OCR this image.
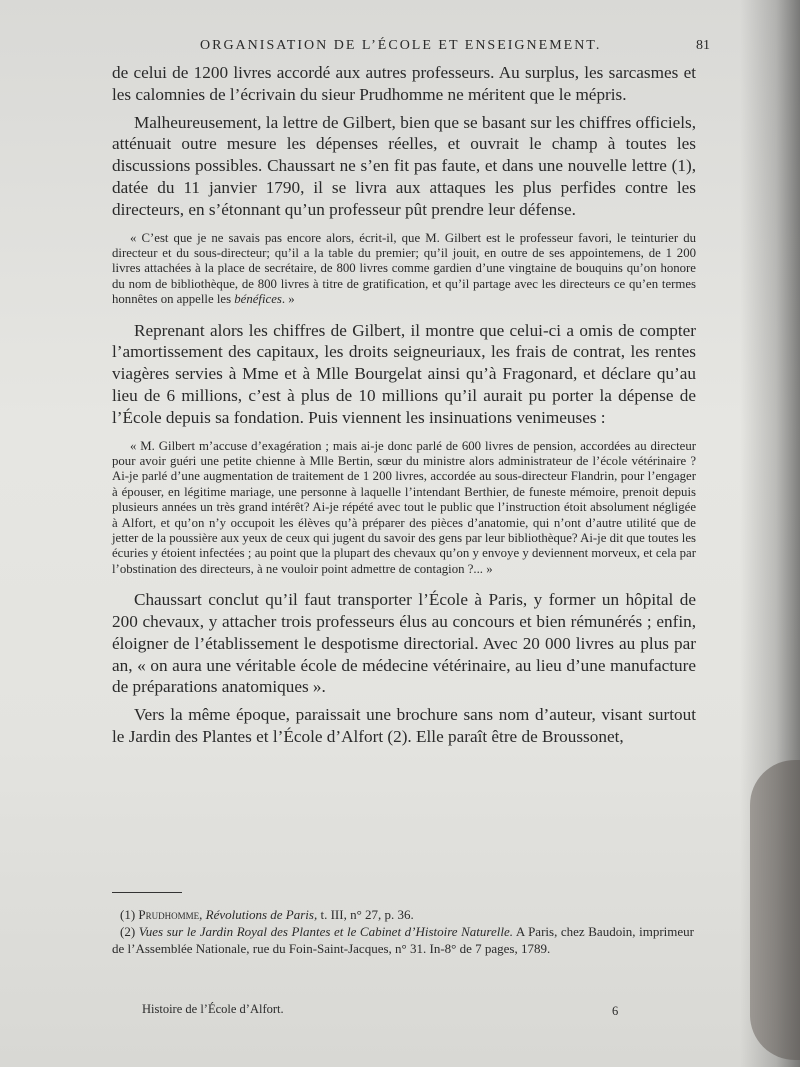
ORGANISATION DE L’ÉCOLE ET ENSEIGNEMENT.	81

de celui de 1200 livres accordé aux autres professeurs. Au surplus, les sarcasmes et les calomnies de l’écrivain du sieur Prudhomme ne méritent que le mépris.

Malheureusement, la lettre de Gilbert, bien que se basant sur les chiffres officiels, atténuait outre mesure les dépenses réelles, et ouvrait le champ à toutes les discussions possibles. Chaussart ne s’en fit pas faute, et dans une nouvelle lettre (1), datée du 11 janvier 1790, il se livra aux attaques les plus perfides contre les directeurs, en s’étonnant qu’un professeur pût prendre leur défense.

« C’est que je ne savais pas encore alors, écrit-il, que M. Gilbert est le professeur favori, le teinturier du directeur et du sous-directeur; qu’il a la table du premier; qu’il jouit, en outre de ses appointemens, de 1 200 livres attachées à la place de secrétaire, de 800 livres comme gardien d’une vingtaine de bouquins qu’on honore du nom de bibliothèque, de 800 livres à titre de gratification, et qu’il partage avec les directeurs ce qu’en termes honnêtes on appelle les bénéfices. »

Reprenant alors les chiffres de Gilbert, il montre que celui-ci a omis de compter l’amortissement des capitaux, les droits seigneuriaux, les frais de contrat, les rentes viagères servies à Mme et à Mlle Bourgelat ainsi qu’à Fragonard, et déclare qu’au lieu de 6 millions, c’est à plus de 10 millions qu’il aurait pu porter la dépense de l’École depuis sa fondation. Puis viennent les insinuations venimeuses :

« M. Gilbert m’accuse d’exagération ; mais ai-je donc parlé de 600 livres de pension, accordées au directeur pour avoir guéri une petite chienne à Mlle Bertin, sœur du ministre alors administrateur de l’école vétérinaire ? Ai-je parlé d’une augmentation de traitement de 1 200 livres, accordée au sous-directeur Flandrin, pour l’engager à épouser, en légitime mariage, une personne à laquelle l’intendant Berthier, de funeste mémoire, prenoit depuis plusieurs années un très grand intérêt? Ai-je répété avec tout le public que l’instruction étoit absolument négligée à Alfort, et qu’on n’y occupoit les élèves qu’à préparer des pièces d’anatomie, qui n’ont d’autre utilité que de jetter de la poussière aux yeux de ceux qui jugent du savoir des gens par leur bibliothèque? Ai-je dit que toutes les écuries y étoient infectées ; au point que la plupart des chevaux qu’on y envoye y deviennent morveux, et cela par l’obstination des directeurs, à ne vouloir point admettre de contagion ?... »

Chaussart conclut qu’il faut transporter l’École à Paris, y former un hôpital de 200 chevaux, y attacher trois professeurs élus au concours et bien rémunérés ; enfin, éloigner de l’établissement le despotisme directorial. Avec 20 000 livres au plus par an, « on aura une véritable école de médecine vétérinaire, au lieu d’une manufacture de préparations anatomiques ».

Vers la même époque, paraissait une brochure sans nom d’auteur, visant surtout le Jardin des Plantes et l’École d’Alfort (2). Elle paraît être de Broussonet,

(1) Prudhomme, Révolutions de Paris, t. III, n° 27, p. 36.

(2) Vues sur le Jardin Royal des Plantes et le Cabinet d’Histoire Naturelle. A Paris, chez Baudoin, imprimeur de l’Assemblée Nationale, rue du Foin-Saint-Jacques, n° 31. In-8° de 7 pages, 1789.

Histoire de l’École d’Alfort.	6
